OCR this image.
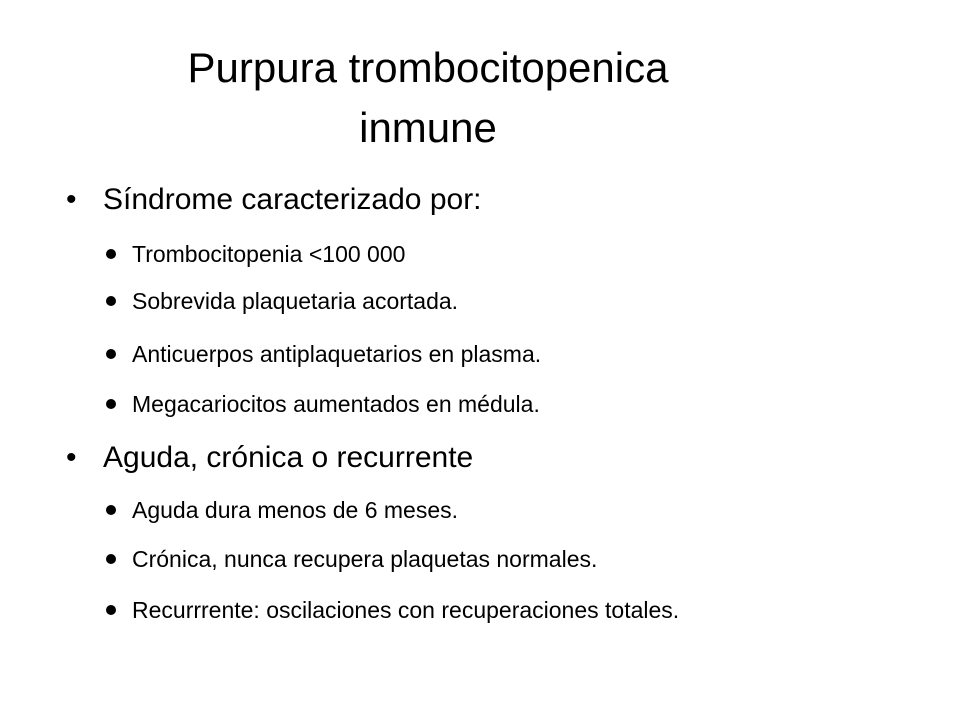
Purpura trombocitopenica
inmune
• Síndrome caracterizado por:
Trombocitopenia <100 000
Sobrevida plaquetaria acortada.
Anticuerpos antiplaquetarios en plasma.
Megacariocitos aumentados en médula.
• Aguda, crónica o recurrente
Aguda dura menos de 6 meses.
Crónica, nunca recupera plaquetas normales.
Recurrrente: oscilaciones con recuperaciones totales.
